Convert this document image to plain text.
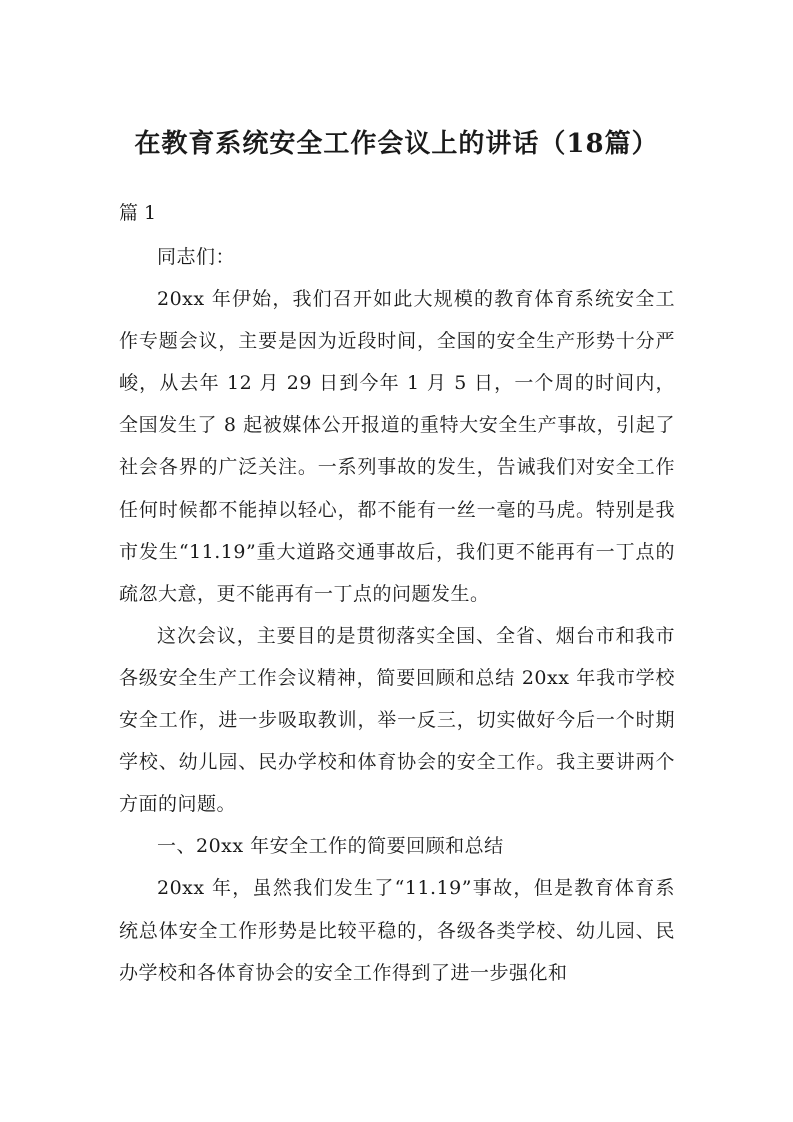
在教育系统安全工作会议上的讲话（18篇）

篇 1

同志们：

20xx 年伊始，我们召开如此大规模的教育体育系统安全工作专题会议，主要是因为近段时间，全国的安全生产形势十分严峻，从去年 12 月 29 日到今年 1 月 5 日，一个周的时间内，全国发生了 8 起被媒体公开报道的重特大安全生产事故，引起了社会各界的广泛关注。一系列事故的发生，告诫我们对安全工作任何时候都不能掉以轻心，都不能有一丝一毫的马虎。特别是我市发生“11.19”重大道路交通事故后，我们更不能再有一丁点的疏忽大意，更不能再有一丁点的问题发生。

这次会议，主要目的是贯彻落实全国、全省、烟台市和我市各级安全生产工作会议精神，简要回顾和总结 20xx 年我市学校安全工作，进一步吸取教训，举一反三，切实做好今后一个时期学校、幼儿园、民办学校和体育协会的安全工作。我主要讲两个方面的问题。

一、20xx 年安全工作的简要回顾和总结

20xx 年，虽然我们发生了“11.19”事故，但是教育体育系统总体安全工作形势是比较平稳的，各级各类学校、幼儿园、民办学校和各体育协会的安全工作得到了进一步强化和
